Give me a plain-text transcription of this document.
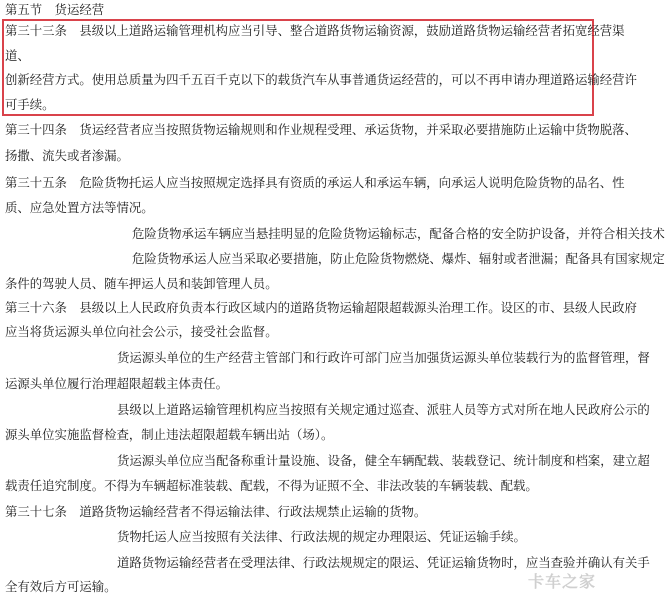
第五节　货运经营
第三十三条　县级以上道路运输管理机构应当引导、整合道路货物运输资源，鼓励道路货物运输经营者拓宽经营渠
道、
创新经营方式。使用总质量为四千五百千克以下的载货汽车从事普通货运经营的，可以不再申请办理道路运输经营许
可手续。
第三十四条　货运经营者应当按照货物运输规则和作业规程受理、承运货物，并采取必要措施防止运输中货物脱落、
扬撒、流失或者渗漏。
第三十五条　危险货物托运人应当按照规定选择具有资质的承运人和承运车辆，向承运人说明危险货物的品名、性
质、应急处置方法等情况。
危险货物承运车辆应当悬挂明显的危险货物运输标志，配备合格的安全防护设备，并符合相关技术
危险货物承运人应当采取必要措施，防止危险货物燃烧、爆炸、辐射或者泄漏；配备具有国家规定
条件的驾驶人员、随车押运人员和装卸管理人员。
第三十六条　县级以上人民政府负责本行政区域内的道路货物运输超限超载源头治理工作。设区的市、县级人民政府
应当将货运源头单位向社会公示，接受社会监督。
货运源头单位的生产经营主管部门和行政许可部门应当加强货运源头单位装载行为的监督管理，督
运源头单位履行治理超限超载主体责任。
县级以上道路运输管理机构应当按照有关规定通过巡查、派驻人员等方式对所在地人民政府公示的
源头单位实施监督检查，制止违法超限超载车辆出站（场）。
货运源头单位应当配备称重计量设施、设备，健全车辆配载、装载登记、统计制度和档案，建立超
载责任追究制度。不得为车辆超标准装载、配载，不得为证照不全、非法改装的车辆装载、配载。
第三十七条　道路货物运输经营者不得运输法律、行政法规禁止运输的货物。
货物托运人应当按照有关法律、行政法规的规定办理限运、凭证运输手续。
道路货物运输经营者在受理法律、行政法规规定的限运、凭证运输货物时，应当查验并确认有关手
全有效后方可运输。	卡车之家
